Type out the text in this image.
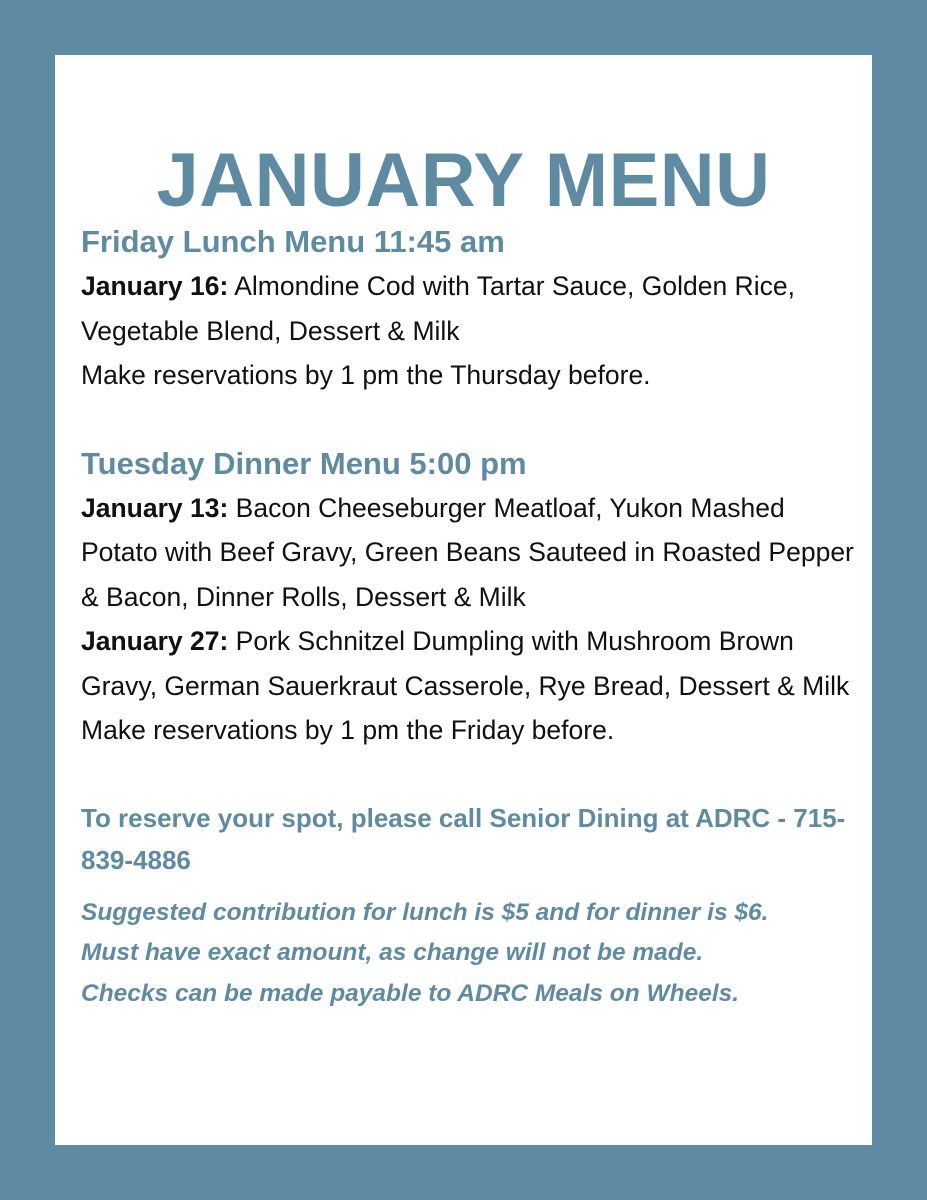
JANUARY MENU
Friday Lunch Menu 11:45 am

January 16: Almondine Cod with Tartar Sauce, Golden Rice, Vegetable Blend, Dessert & Milk

Make reservations by 1 pm the Thursday before.

Tuesday Dinner Menu 5:00 pm

January 13: Bacon Cheeseburger Meatloaf, Yukon Mashed Potato with Beef Gravy, Green Beans Sauteed in Roasted Pepper & Bacon, Dinner Rolls, Dessert & Milk

January 27: Pork Schnitzel Dumpling with Mushroom Brown Gravy, German Sauerkraut Casserole, Rye Bread, Dessert & Milk

Make reservations by 1 pm the Friday before.

To reserve your spot, please call Senior Dining at ADRC - 715-839-4886

Suggested contribution for lunch is $5 and for dinner is $6.

Must have exact amount, as change will not be made.

Checks can be made payable to ADRC Meals on Wheels.
